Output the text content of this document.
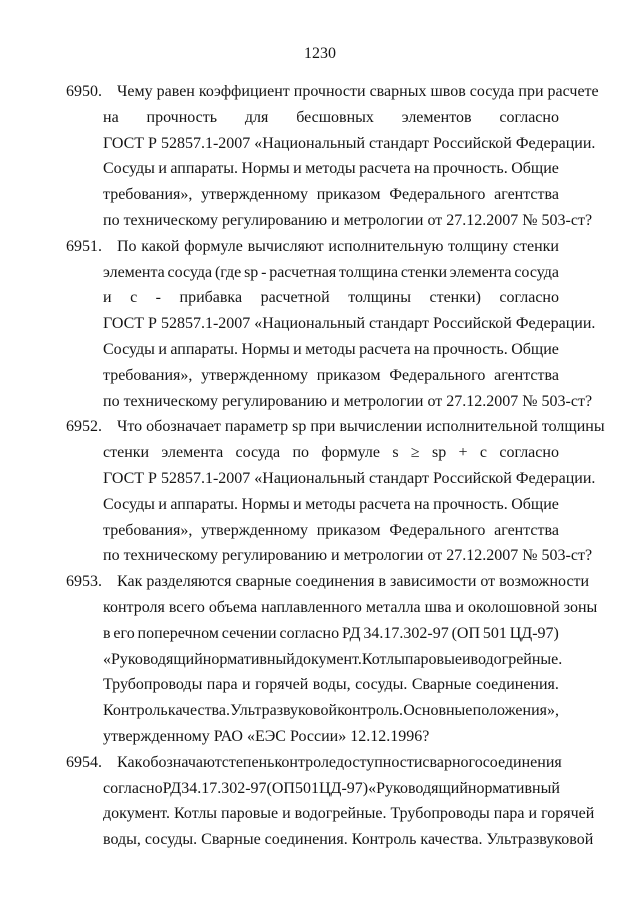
1230
6950. Чему равен коэффициент прочности сварных швов сосуда при расчете
на прочность для бесшовных элементов согласно
ГОСТ Р 52857.1-2007 «Национальный стандарт Российской Федерации.
Сосуды и аппараты. Нормы и методы расчета на прочность. Общие
требования», утвержденному приказом Федерального агентства
по техническому регулированию и метрологии от 27.12.2007 № 503-ст?
6951. По какой формуле вычисляют исполнительную толщину стенки
элемента сосуда (где sp - расчетная толщина стенки элемента сосуда
и с - прибавка расчетной толщины стенки) согласно
ГОСТ Р 52857.1-2007 «Национальный стандарт Российской Федерации.
Сосуды и аппараты. Нормы и методы расчета на прочность. Общие
требования», утвержденному приказом Федерального агентства
по техническому регулированию и метрологии от 27.12.2007 № 503-ст?
6952. Что обозначает параметр sp при вычислении исполнительной толщины
стенки элемента сосуда по формуле s ≥ sp + c согласно
ГОСТ Р 52857.1-2007 «Национальный стандарт Российской Федерации.
Сосуды и аппараты. Нормы и методы расчета на прочность. Общие
требования», утвержденному приказом Федерального агентства
по техническому регулированию и метрологии от 27.12.2007 № 503-ст?
6953. Как разделяются сварные соединения в зависимости от возможности
контроля всего объема наплавленного металла шва и околошовной зоны
в его поперечном сечении согласно РД 34.17.302-97 (ОП 501 ЦД-97)
«Руководящий нормативный документ. Котлы паровые и водогрейные.
Трубопроводы пара и горячей воды, сосуды. Сварные соединения.
Контроль качества. Ультразвуковой контроль. Основные положения»,
утвержденному РАО «ЕЭС России» 12.12.1996?
6954. Как обозначают степень контроледоступности сварного соединения
согласно РД 34.17.302-97 (ОП 501 ЦД-97) «Руководящий нормативный
документ. Котлы паровые и водогрейные. Трубопроводы пара и горячей
воды, сосуды. Сварные соединения. Контроль качества. Ультразвуковой
